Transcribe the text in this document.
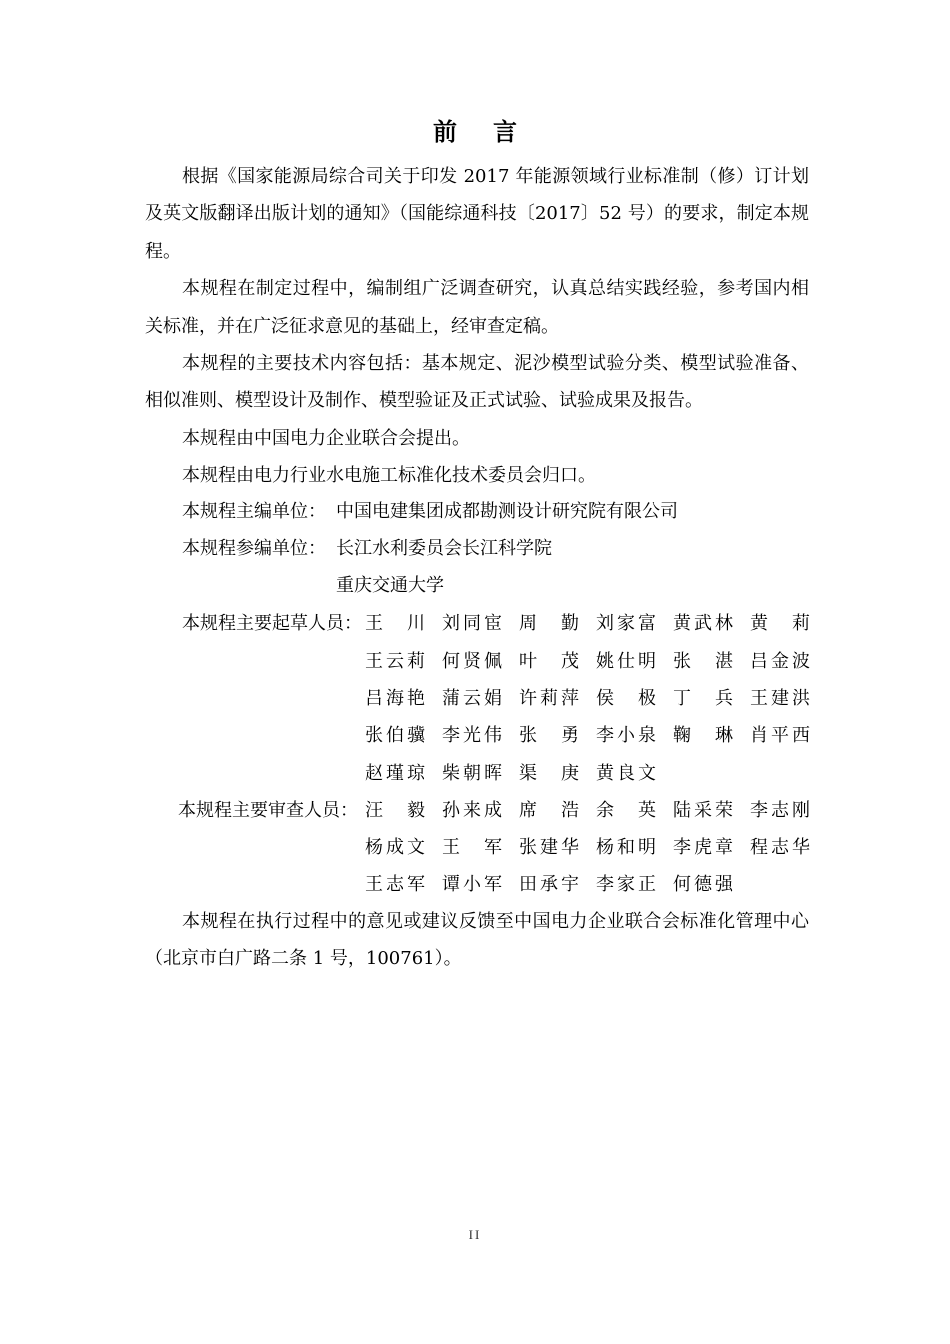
前言

根据《国家能源局综合司关于印发 2017 年能源领域行业标准制（修）订计划及英文版翻译出版计划的通知》（国能综通科技〔2017〕52 号）的要求，制定本规程。

本规程在制定过程中，编制组广泛调查研究，认真总结实践经验，参考国内相关标准，并在广泛征求意见的基础上，经审查定稿。

本规程的主要技术内容包括：基本规定、泥沙模型试验分类、模型试验准备、相似准则、模型设计及制作、模型验证及正式试验、试验成果及报告。

本规程由中国电力企业联合会提出。

本规程由电力行业水电施工标准化技术委员会归口。

本规程主编单位： 中国电建集团成都勘测设计研究院有限公司
本规程参编单位： 长江水利委员会长江科学院
重庆交通大学
本规程主要起草人员： 王　川 刘同宦 周　勤 刘家富 黄武林 黄　莉
王云莉 何贤佩 叶　茂 姚仕明 张　湛 吕金波
吕海艳 蒲云娟 许莉萍 侯　极 丁　兵 王建洪
张伯骥 李光伟 张　勇 李小泉 鞠　琳 肖平西
赵瑾琼 柴朝晖 渠　庚 黄良文
本规程主要审查人员： 汪　毅 孙来成 席　浩 余　英 陆采荣 李志刚
杨成文 王　军 张建华 杨和明 李虎章 程志华
王志军 谭小军 田承宇 李家正 何德强

本规程在执行过程中的意见或建议反馈至中国电力企业联合会标准化管理中心（北京市白广路二条 1 号，100761）。

II
